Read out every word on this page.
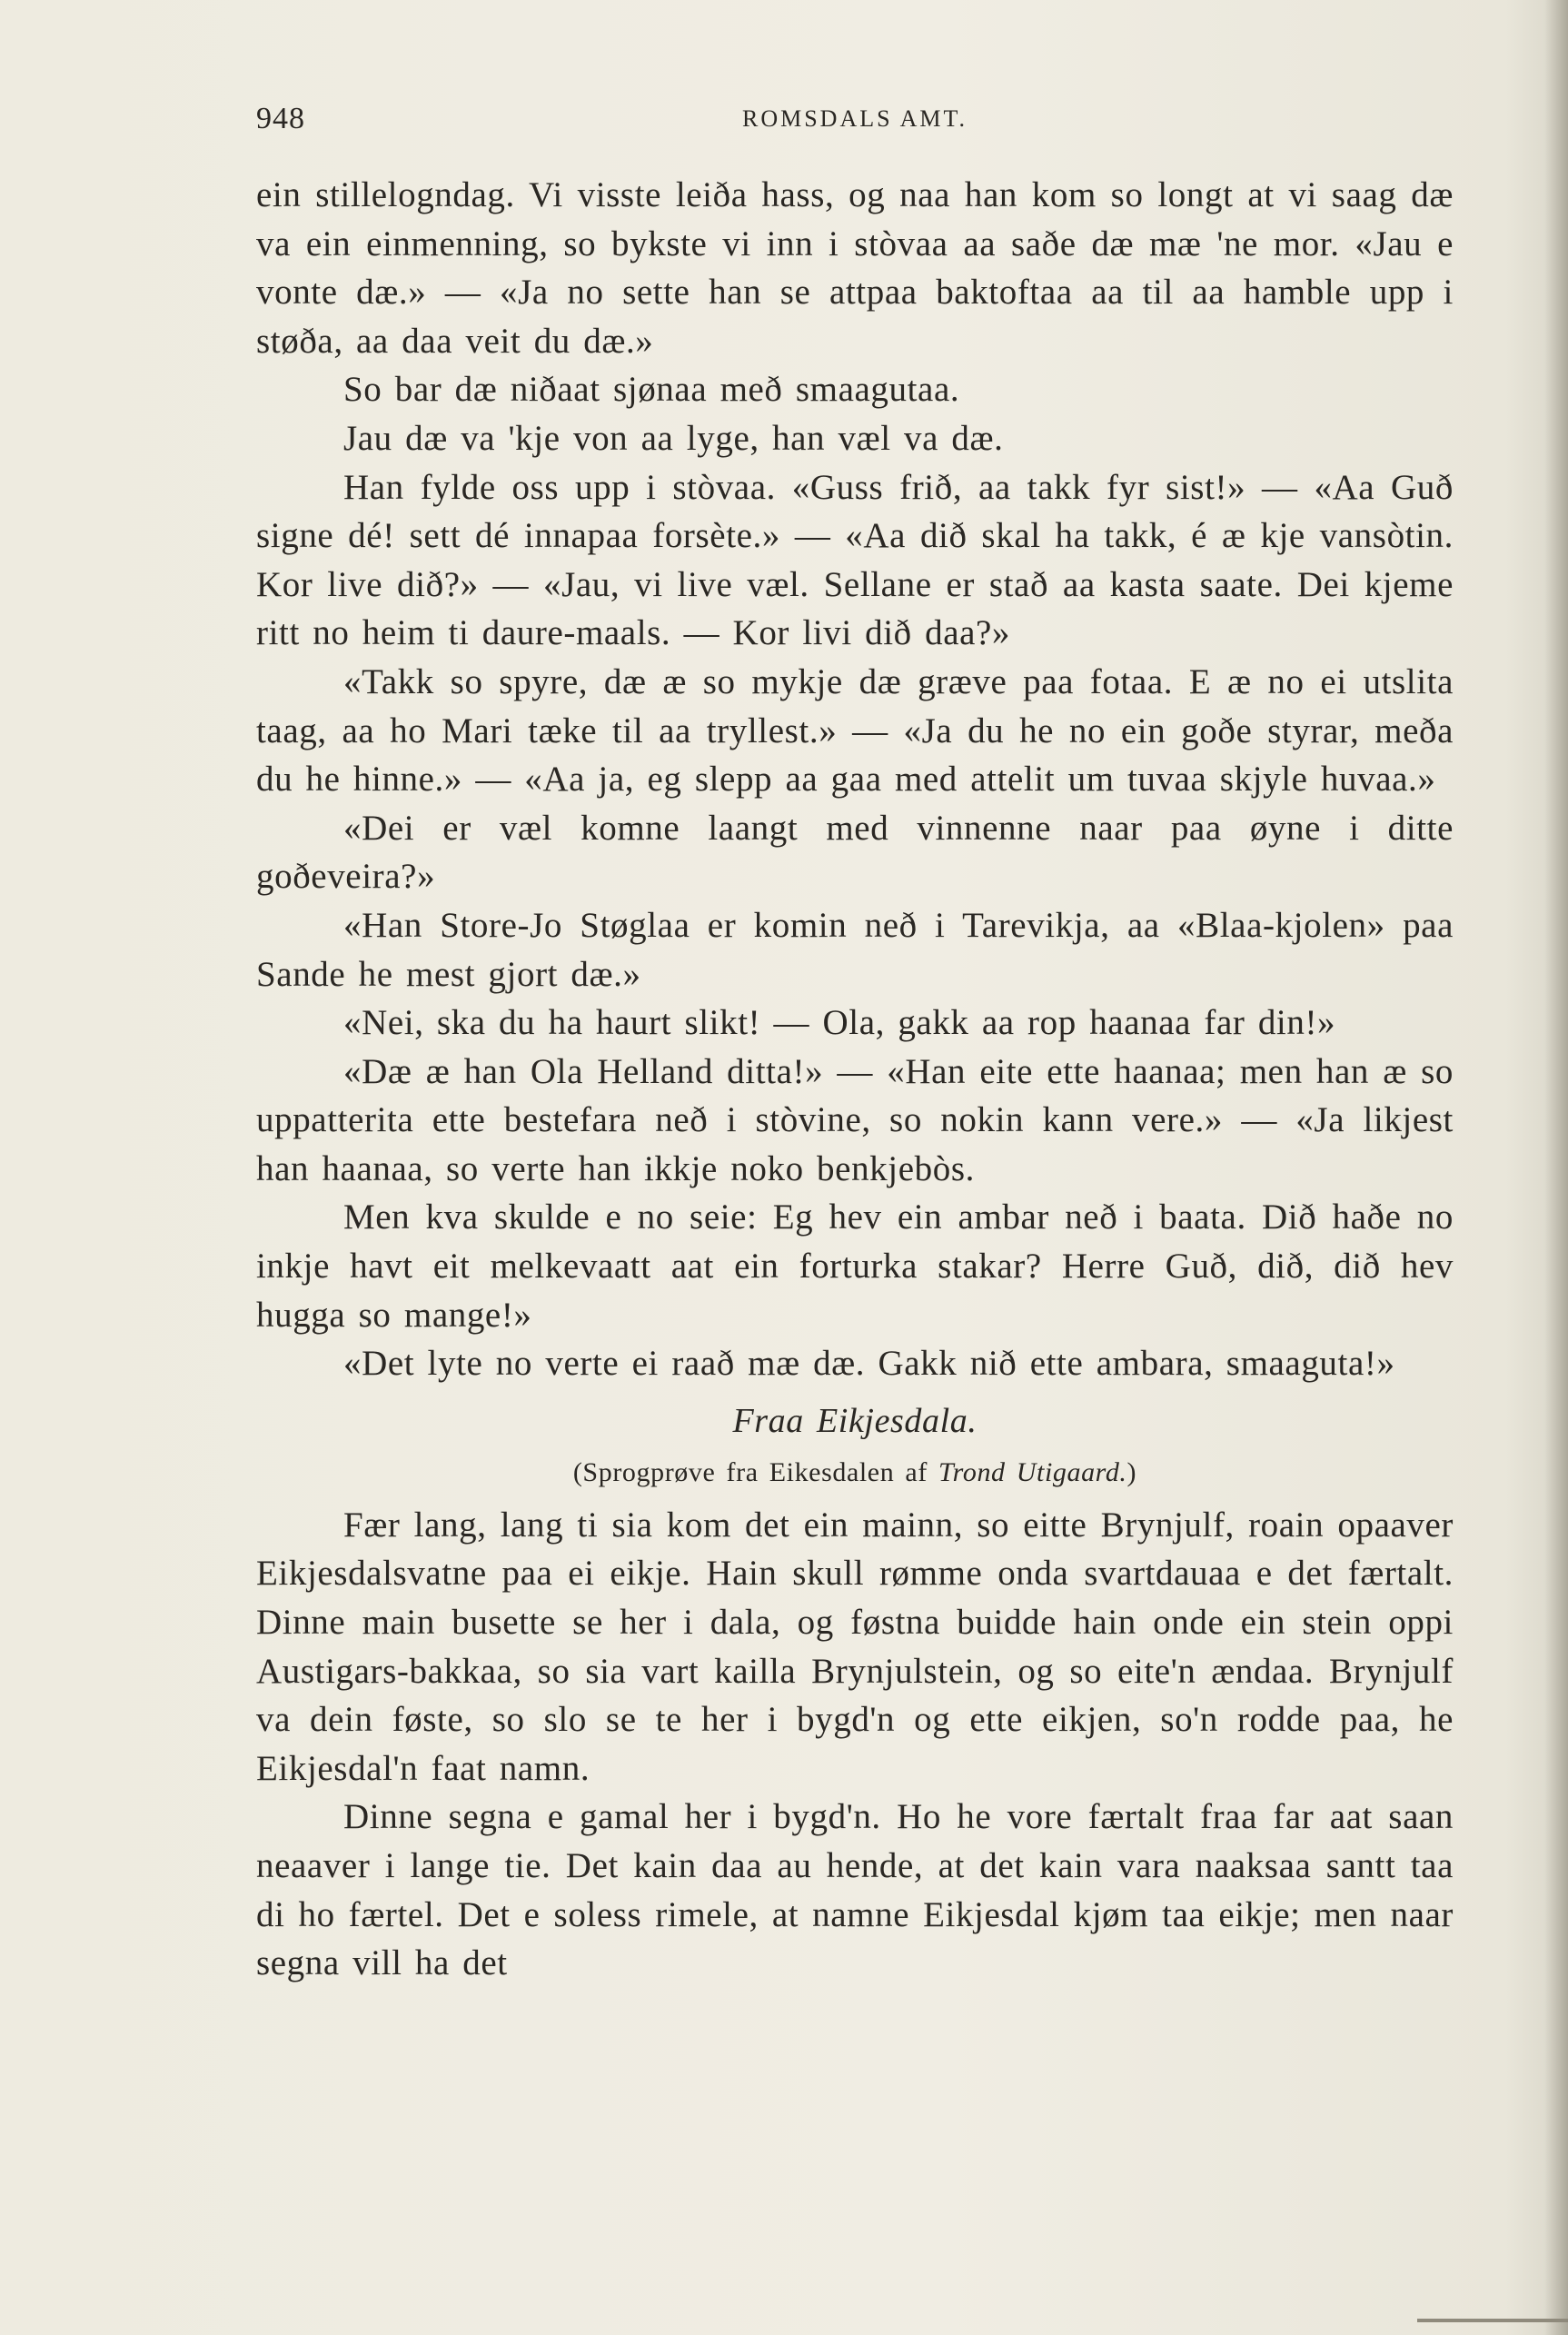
948	ROMSDALS AMT.

ein stillelogndag. Vi visste leiða hass, og naa han kom so longt at vi saag dæ va ein einmenning, so bykste vi inn i stòvaa aa saðe dæ mæ 'ne mor. «Jau e vonte dæ.» — «Ja no sette han se attpaa baktoftaa aa til aa hamble upp i støða, aa daa veit du dæ.»

So bar dæ niðaat sjønaa með smaagutaa.

Jau dæ va 'kje von aa lyge, han væl va dæ.

Han fylde oss upp i stòvaa. «Guss frið, aa takk fyr sist!» — «Aa Guð signe dé! sett dé innapaa forsète.» — «Aa dið skal ha takk, é æ kje vansòtin. Kor live dið?» — «Jau, vi live væl. Sellane er stað aa kasta saate. Dei kjeme ritt no heim ti daure-maals. — Kor livi dið daa?»

«Takk so spyre, dæ æ so mykje dæ græve paa fotaa. E æ no ei utslita taag, aa ho Mari tæke til aa tryllest.» — «Ja du he no ein goðe styrar, meða du he hinne.» — «Aa ja, eg slepp aa gaa med attelit um tuvaa skjyle huvaa.»

«Dei er væl komne laangt med vinnenne naar paa øyne i ditte goðeveira?»

«Han Store-Jo Støglaa er komin neð i Tarevikja, aa «Blaa-kjolen» paa Sande he mest gjort dæ.»

«Nei, ska du ha haurt slikt! — Ola, gakk aa rop haanaa far din!»

«Dæ æ han Ola Helland ditta!» — «Han eite ette haanaa; men han æ so uppatterita ette bestefara neð i stòvine, so nokin kann vere.» — «Ja likjest han haanaa, so verte han ikkje noko benkjebòs.

Men kva skulde e no seie: Eg hev ein ambar neð i baata. Dið haðe no inkje havt eit melkevaatt aat ein forturka stakar? Herre Guð, dið, dið hev hugga so mange!»

«Det lyte no verte ei raað mæ dæ. Gakk nið ette ambara, smaaguta!»

Fraa Eikjesdala.
(Sprogprøve fra Eikesdalen af Trond Utigaard.)

Fær lang, lang ti sia kom det ein mainn, so eitte Brynjulf, roain opaaver Eikjesdalsvatne paa ei eikje. Hain skull rømme onda svartdauaa e det færtalt. Dinne main busette se her i dala, og føstna buidde hain onde ein stein oppi Austigars-bakkaa, so sia vart kailla Brynjulstein, og so eite'n ændaa. Brynjulf va dein føste, so slo se te her i bygd'n og ette eikjen, so'n rodde paa, he Eikjesdal'n faat namn.

Dinne segna e gamal her i bygd'n. Ho he vore færtalt fraa far aat saan neaaver i lange tie. Det kain daa au hende, at det kain vara naaksaa santt taa di ho færtel. Det e soless rimele, at namne Eikjesdal kjøm taa eikje; men naar segna vill ha det
